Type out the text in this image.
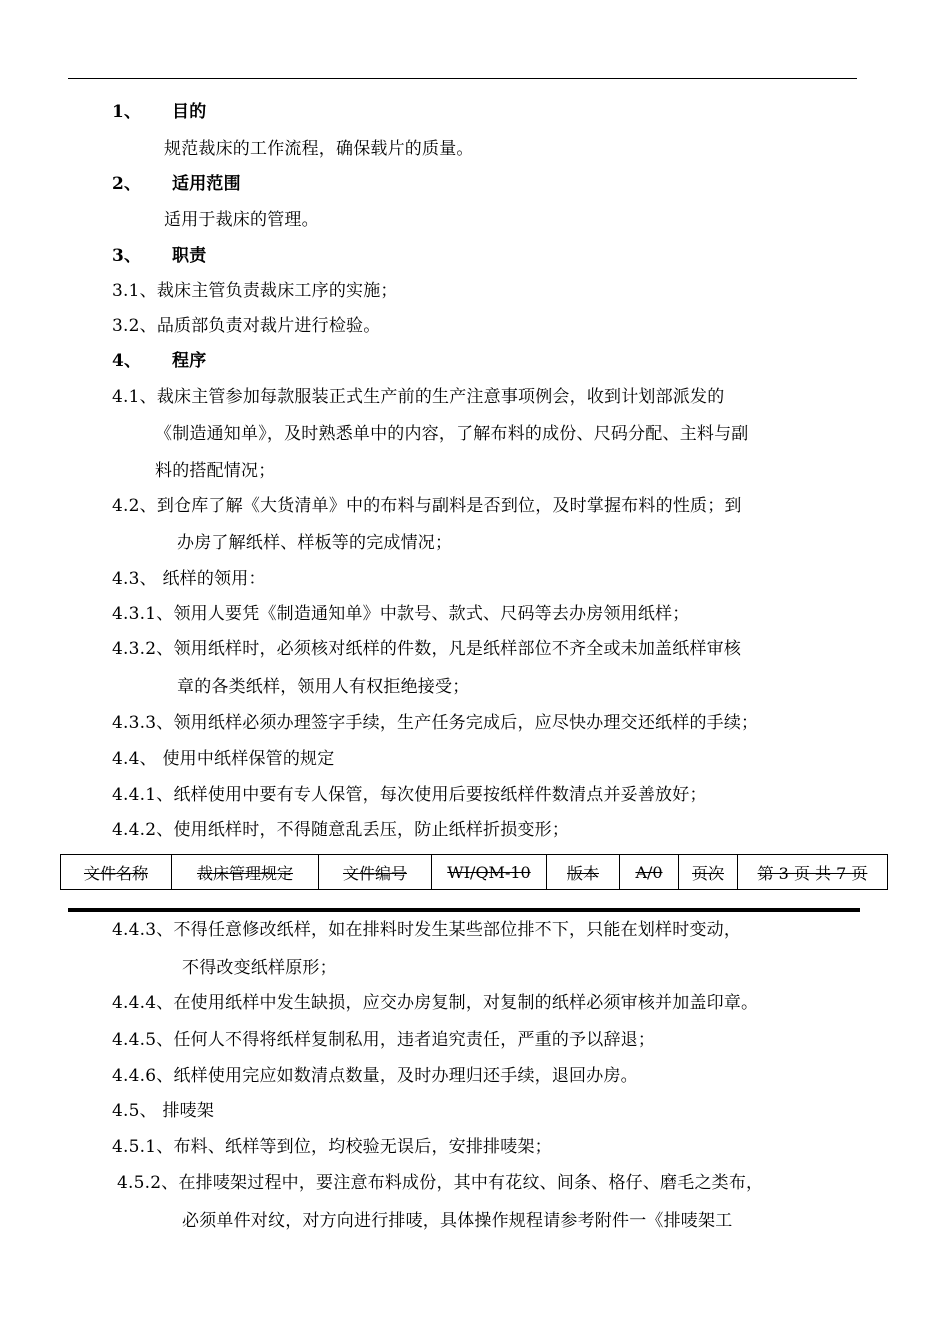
1、 目的
规范裁床的工作流程，确保载片的质量。
2、 适用范围
适用于裁床的管理。
3、 职责
3.1、裁床主管负责裁床工序的实施；
3.2、品质部负责对裁片进行检验。
4、 程序
4.1、裁床主管参加每款服装正式生产前的生产注意事项例会，收到计划部派发的
《制造通知单》，及时熟悉单中的内容，了解布料的成份、尺码分配、主料与副
料的搭配情况；
4.2、到仓库了解《大货清单》中的布料与副料是否到位，及时掌握布料的性质；到
办房了解纸样、样板等的完成情况；
4.3、 纸样的领用：
4.3.1、领用人要凭《制造通知单》中款号、款式、尺码等去办房领用纸样；
4.3.2、领用纸样时，必须核对纸样的件数，凡是纸样部位不齐全或未加盖纸样审核
章的各类纸样，领用人有权拒绝接受；
4.3.3、领用纸样必须办理签字手续，生产任务完成后，应尽快办理交还纸样的手续；
4.4、 使用中纸样保管的规定
4.4.1、纸样使用中要有专人保管，每次使用后要按纸样件数清点并妥善放好；
4.4.2、使用纸样时，不得随意乱丢压，防止纸样折损变形；
文件名称	裁床管理规定	文件编号	WI/QM-10	版本	A/0	页次	第 3 页 共 7 页
4.4.3、不得任意修改纸样，如在排料时发生某些部位排不下，只能在划样时变动，
不得改变纸样原形；
4.4.4、在使用纸样中发生缺损，应交办房复制，对复制的纸样必须审核并加盖印章。
4.4.5、任何人不得将纸样复制私用，违者追究责任，严重的予以辞退；
4.4.6、纸样使用完应如数清点数量，及时办理归还手续，退回办房。
4.5、 排唛架
4.5.1、布料、纸样等到位，均校验无误后，安排排唛架；
4.5.2、在排唛架过程中，要注意布料成份，其中有花纹、间条、格仔、磨毛之类布，
必须单件对纹，对方向进行排唛，具体操作规程请参考附件一《排唛架工
